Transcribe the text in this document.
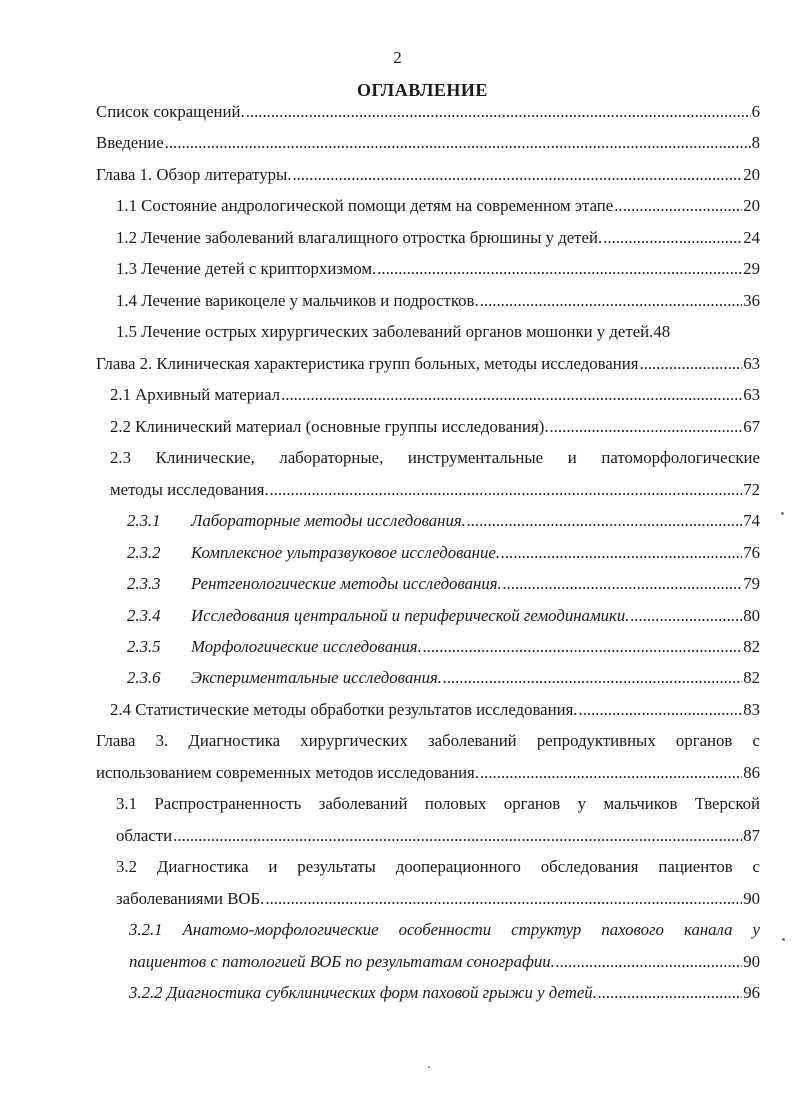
2
ОГЛАВЛЕНИЕ
Список сокращений. .....	6
Введение .....	8
Глава 1. Обзор литературы. .....	20
1.1 Состояние андрологической помощи детям на современном этапе .....	20
1.2 Лечение заболеваний влагалищного отростка брюшины у детей. .....	24
1.3 Лечение детей с крипторхизмом. .....	29
1.4 Лечение варикоцеле у мальчиков и подростков. .....	36
1.5 Лечение острых хирургических заболеваний органов мошонки у детей. 48
Глава 2. Клиническая характеристика групп больных, методы исследования .....	63
2.1 Архивный материал .....	63
2.2 Клинический материал (основные группы исследования). .....	67
2.3 Клинические, лабораторные, инструментальные и патоморфологические
методы исследования. .....	72
2.3.1	Лабораторные методы исследования. .....	74
2.3.2	Комплексное ультразвуковое исследование. .....	76
2.3.3	Рентгенологические методы исследования. .....	79
2.3.4	Исследования центральной и периферической гемодинамики. .....	80
2.3.5	Морфологические исследования. .....	82
2.3.6	Экспериментальные исследования. .....	82
2.4 Статистические методы обработки результатов исследования. .....	83
Глава 3. Диагностика хирургических заболеваний репродуктивных органов с
использованием современных методов исследования. .....	86
3.1 Распространенность заболеваний половых органов у мальчиков Тверской
области .....	87
3.2 Диагностика и результаты дооперационного обследования пациентов с
заболеваниями ВОБ. .....	90
3.2.1 Анатомо-морфологические особенности структур пахового канала у
пациентов с патологией ВОБ по результатам сонографии. .....	90
3.2.2 Диагностика субклинических форм паховой грыжи у детей. .....	96
